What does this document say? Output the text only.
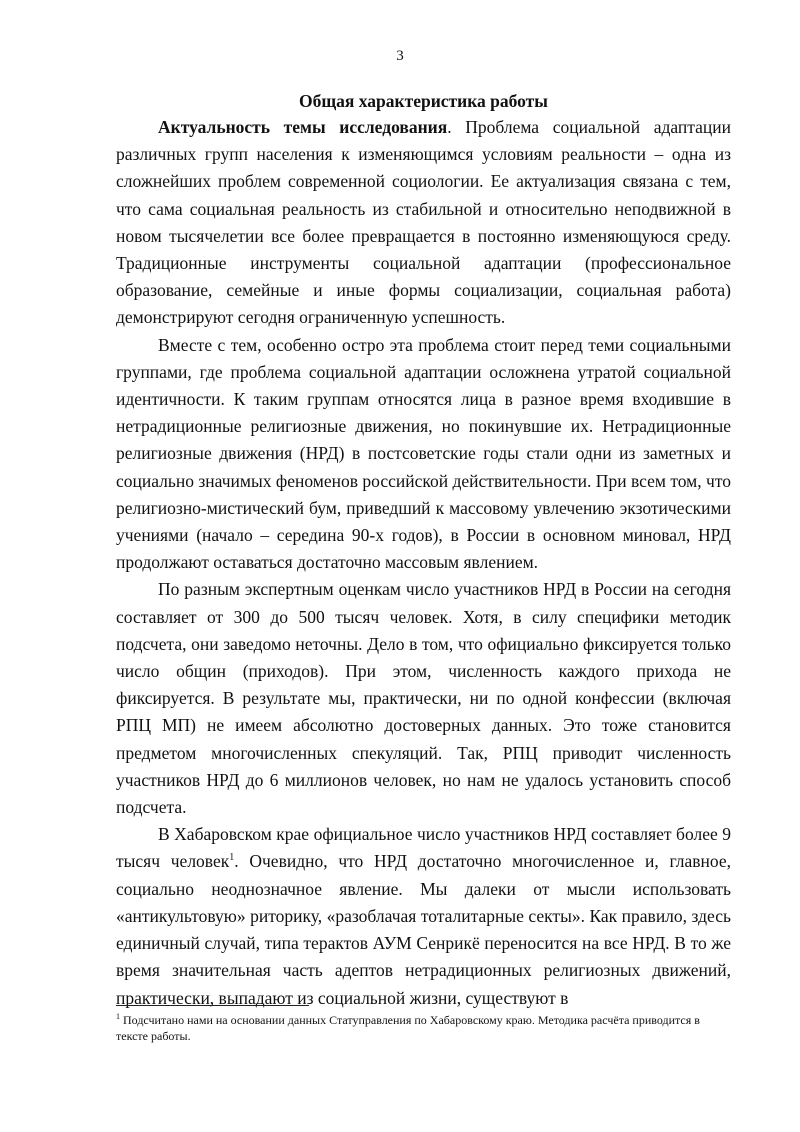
3
Общая характеристика работы

Актуальность темы исследования. Проблема социальной адаптации различных групп населения к изменяющимся условиям реальности – одна из сложнейших проблем современной социологии. Ее актуализация связана с тем, что сама социальная реальность из стабильной и относительно неподвижной в новом тысячелетии все более превращается в постоянно изменяющуюся среду. Традиционные инструменты социальной адаптации (профессиональное образование, семейные и иные формы социализации, социальная работа) демонстрируют сегодня ограниченную успешность.

Вместе с тем, особенно остро эта проблема стоит перед теми социальными группами, где проблема социальной адаптации осложнена утратой социальной идентичности. К таким группам относятся лица в разное время входившие в нетрадиционные религиозные движения, но покинувшие их. Нетрадиционные религиозные движения (НРД) в постсоветские годы стали одни из заметных и социально значимых феноменов российской действительности. При всем том, что религиозно-мистический бум, приведший к массовому увлечению экзотическими учениями (начало – середина 90-х годов), в России в основном миновал, НРД продолжают оставаться достаточно массовым явлением.

По разным экспертным оценкам число участников НРД в России на сегодня составляет от 300 до 500 тысяч человек. Хотя, в силу специфики методик подсчета, они заведомо неточны. Дело в том, что официально фиксируется только число общин (приходов). При этом, численность каждого прихода не фиксируется. В результате мы, практически, ни по одной конфессии (включая РПЦ МП) не имеем абсолютно достоверных данных. Это тоже становится предметом многочисленных спекуляций. Так, РПЦ приводит численность участников НРД до 6 миллионов человек, но нам не удалось установить способ подсчета.

В Хабаровском крае официальное число участников НРД составляет более 9 тысяч человек$^1$. Очевидно, что НРД достаточно многочисленное и, главное, социально неоднозначное явление. Мы далеки от мысли использовать «антикультовую» риторику, «разоблачая тоталитарные секты». Как правило, здесь единичный случай, типа терактов АУМ Сенрикё переносится на все НРД. В то же время значительная часть адептов нетрадиционных религиозных движений, практически, выпадают из социальной жизни, существуют в

$^1$ Подсчитано нами на основании данных Статуправления по Хабаровскому краю. Методика расчёта приводится в тексте работы.
